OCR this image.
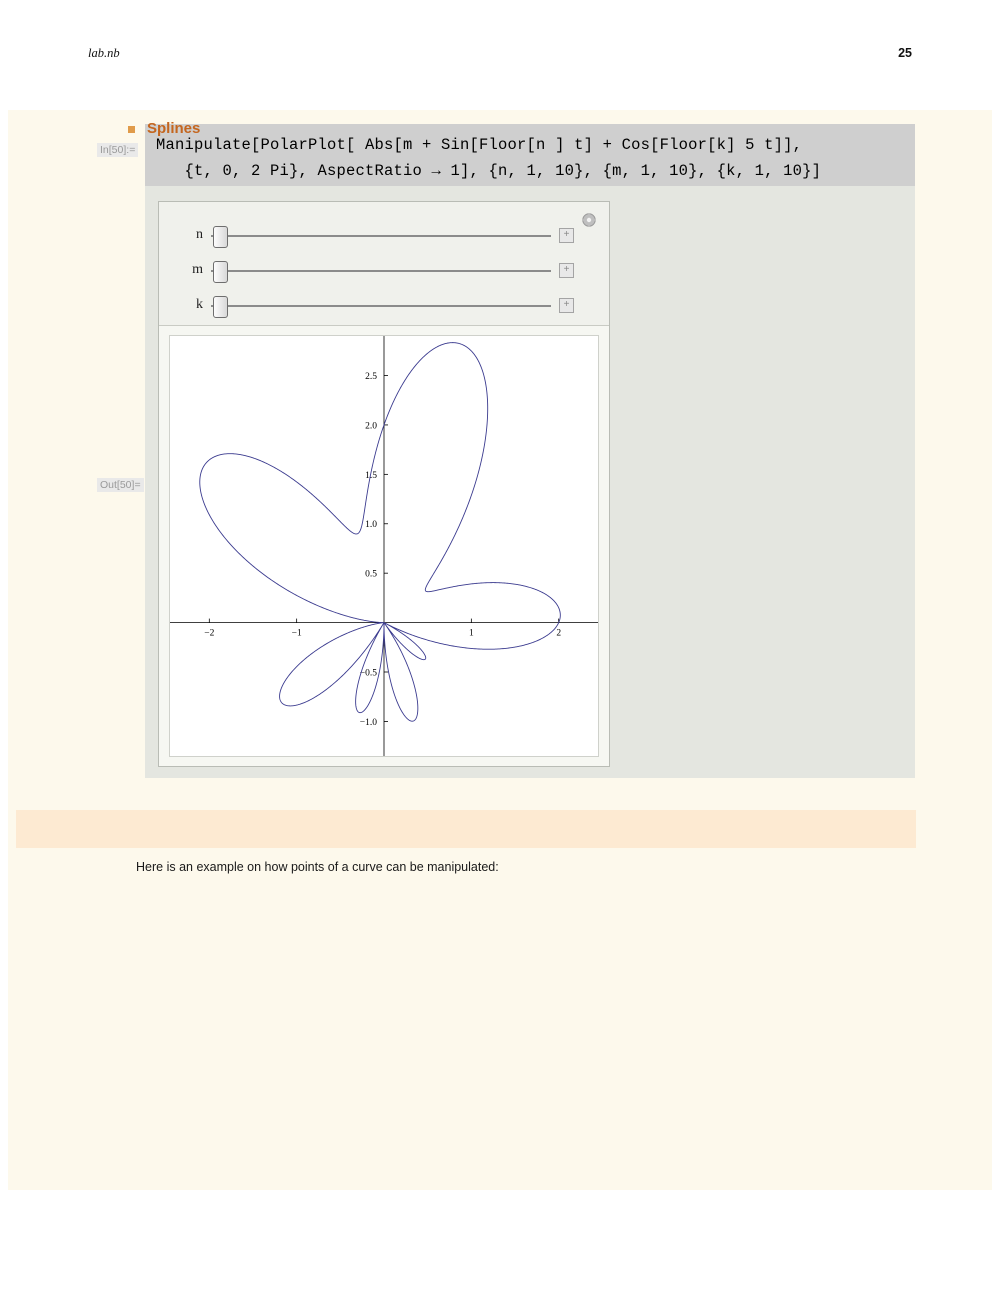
lab.nb	25
In[50]:=
Out[50]=
Manipulate[PolarPlot[ Abs[m + Sin[Floor[n ] t] + Cos[Floor[k] 5 t]],
{t, 0, 2 Pi}, AspectRatio → 1], {n, 1, 10}, {m, 1, 10}, {k, 1, 10}]
n	+
m	+
k	+
−2	−1	1	2
−1.0
−0.5
0.5
1.0
1.5
2.0
2.5
Splines
Here is an example on how points of a curve can be manipulated:
